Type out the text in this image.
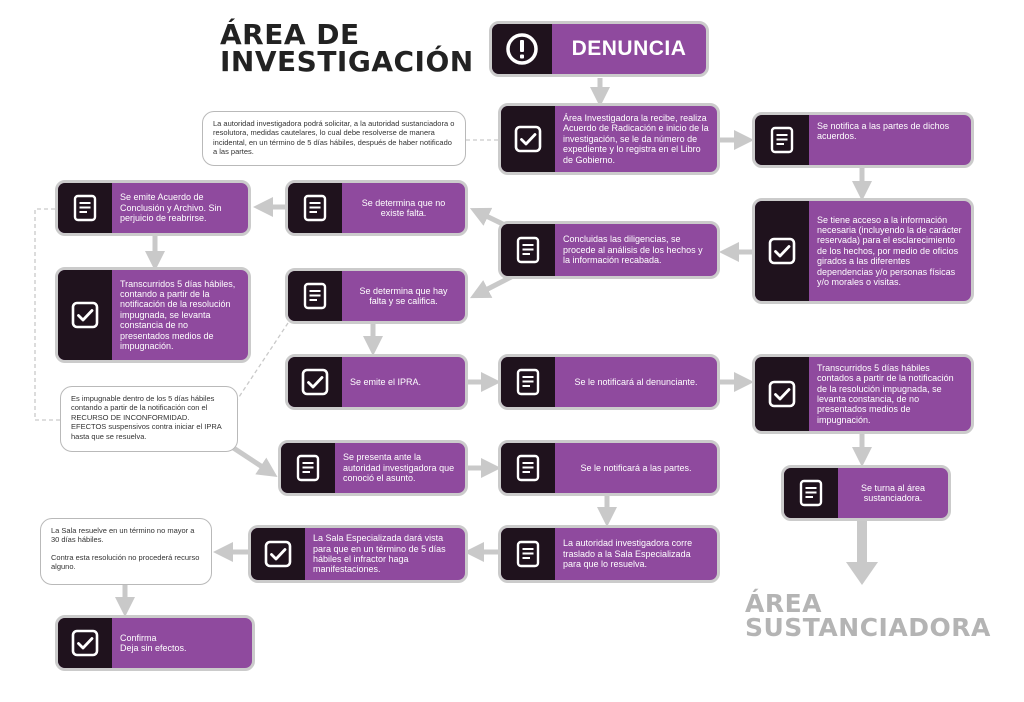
ÁREA DE INVESTIGACIÓN
ÁREA SUSTANCIADORA
DENUNCIA

La autoridad investigadora podrá solicitar, a la autoridad sustanciadora o resolutora, medidas cautelares, lo cual debe resolverse de manera incidental, en un término de 5 días hábiles, después de haber notificado a las partes.

Es impugnable dentro de los 5 días hábiles contando a partir de la notificación con el RECURSO DE INCONFORMIDAD.

EFECTOS suspensivos contra iniciar el IPRA hasta que se resuelva.

La Sala resuelve en un término no mayor a 30 días hábiles.

Contra esta resolución no procederá recurso alguno.

Área Investigadora la recibe, realiza Acuerdo de Radicación e inicio de la investigación, se le da número de expediente y lo registra en el Libro de Gobierno.
Se notifica a las partes de dichos acuerdos.
Se tiene acceso a la información necesaria (incluyendo la de carácter reservada) para el esclarecimiento de los hechos, por medio de oficios girados a las diferentes dependencias y/o personas físicas y/o morales o visitas.
Concluidas las diligencias, se procede al análisis de los hechos y la información recabada.
Se determina que no existe falta.
Se emite Acuerdo de Conclusión y Archivo. Sin perjuicio de reabrirse.
Transcurridos 5 días hábiles, contando a partir de la notificación de la resolución impugnada, se levanta constancia de no presentados medios de impugnación.
Se determina que hay falta y se califica.
Se emite el IPRA.	Se le notificará al denunciante.
Transcurridos 5 días hábiles contados a partir de la notificación de la resolución impugnada, se levanta constancia, de no presentados medios de impugnación.
Se turna al área sustanciadora.
Se presenta ante la autoridad investigadora que conoció el asunto.
Se le notificará a las partes.
La autoridad investigadora corre traslado a la Sala Especializada para que lo resuelva.
La Sala Especializada dará vista para que en un término de 5 días hábiles el infractor haga manifestaciones.
Confirma
Deja sin efectos.
